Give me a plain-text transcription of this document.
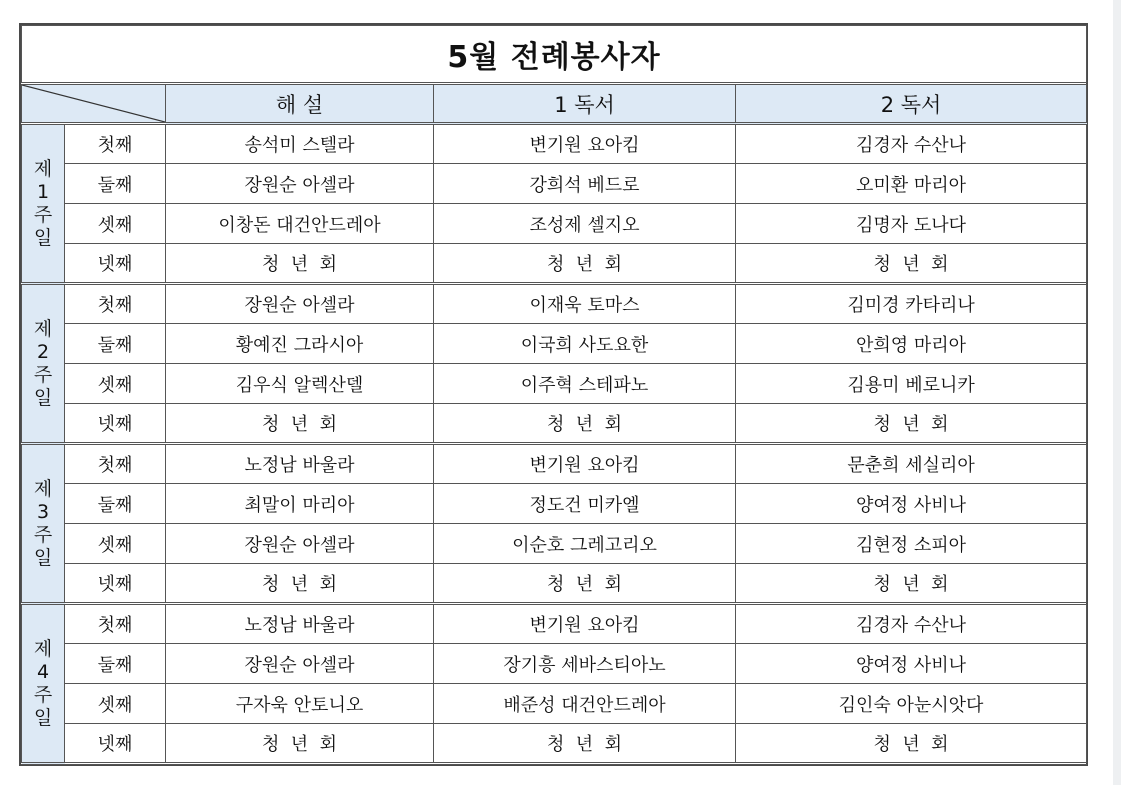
5월 전례봉사자				

	해 설	1 독서	2 독서

제
1
주
일	첫째	송석미 스텔라	변기원 요아킴	김경자 수산나
	둘째	장원순 아셀라	강희석 베드로	오미환 마리아
	셋째	이창돈 대건안드레아	조성제 셀지오	김명자 도나다
	넷째	청  년  회	청  년  회	청  년  회

제
2
주
일	첫째	장원순 아셀라	이재욱 토마스	김미경 카타리나
	둘째	황예진 그라시아	이국희 사도요한	안희영 마리아
	셋째	김우식 알렉산델	이주혁 스테파노	김용미 베로니카
	넷째	청  년  회	청  년  회	청  년  회

제
3
주
일	첫째	노정남 바울라	변기원 요아킴	문춘희 세실리아
	둘째	최말이 마리아	정도건 미카엘	양여정 사비나
	셋째	장원순 아셀라	이순호 그레고리오	김현정 소피아
	넷째	청  년  회	청  년  회	청  년  회

제
4
주
일	첫째	노정남 바울라	변기원 요아킴	김경자 수산나
	둘째	장원순 아셀라	장기흥 세바스티아노	양여정 사비나
	셋째	구자욱 안토니오	배준성 대건안드레아	김인숙 아눈시앗다
	넷째	청  년  회	청  년  회	청  년  회
